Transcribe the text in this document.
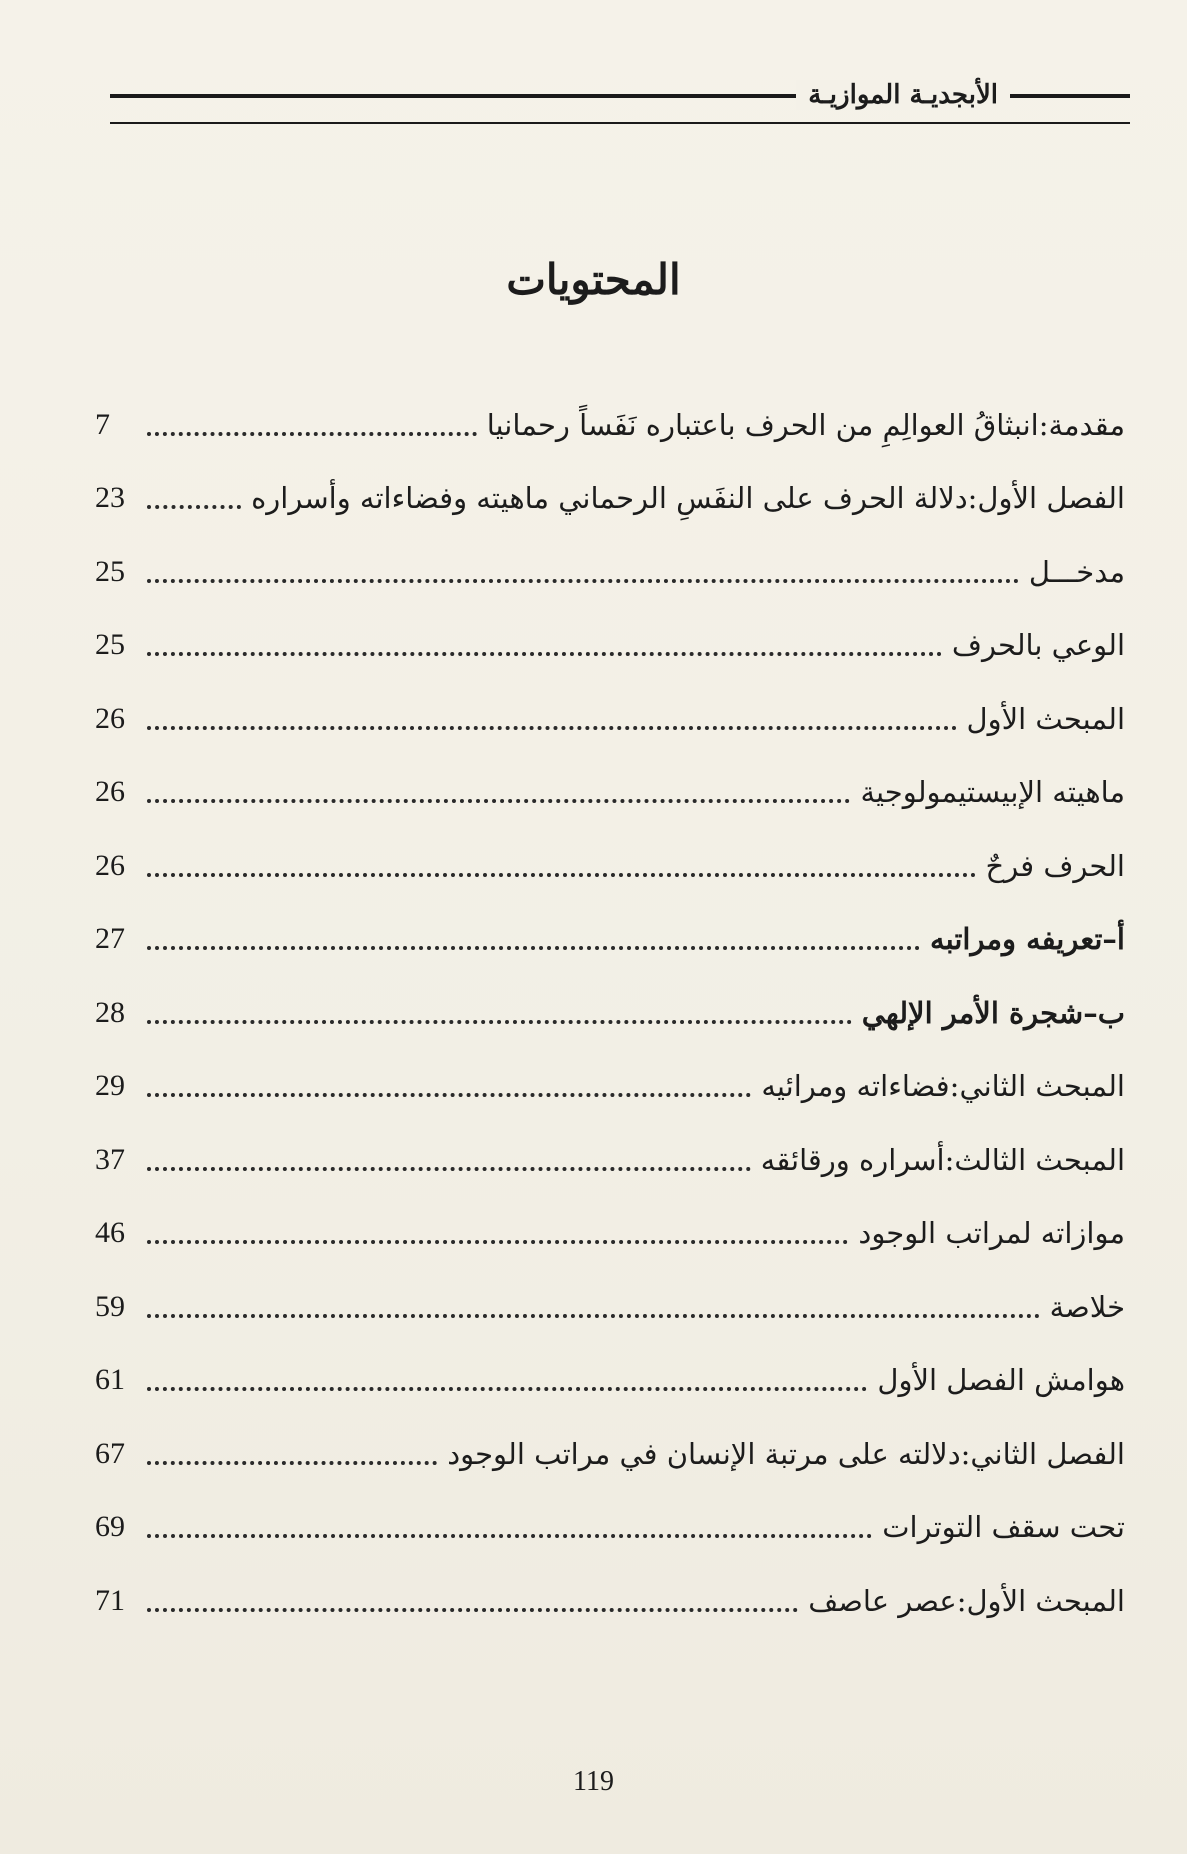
الأبجديـة الموازيـة
المحتويات
7	مقدمة:انبثاقُ العوالِمِ من الحرف باعتباره نَفَساً رحمانيا
23	الفصل الأول:دلالة الحرف على النفَسِ الرحماني ماهيته وفضاءاته وأسراره
25	مدخـــل
25	الوعي بالحرف
26	المبحث الأول
26	ماهيته الإبيستيمولوجية
26	الحرف فرحٌ
27	أ–تعريفه ومراتبه
28	ب–شجرة الأمر الإلهي
29	المبحث الثاني:فضاءاته ومرائيه
37	المبحث الثالث:أسراره ورقائقه
46	موازاته لمراتب الوجود
59	خلاصة
61	هوامش الفصل الأول
67	الفصل الثاني:دلالته على مرتبة الإنسان في مراتب الوجود
69	تحت سقف التوترات
71	المبحث الأول:عصر عاصف
119
